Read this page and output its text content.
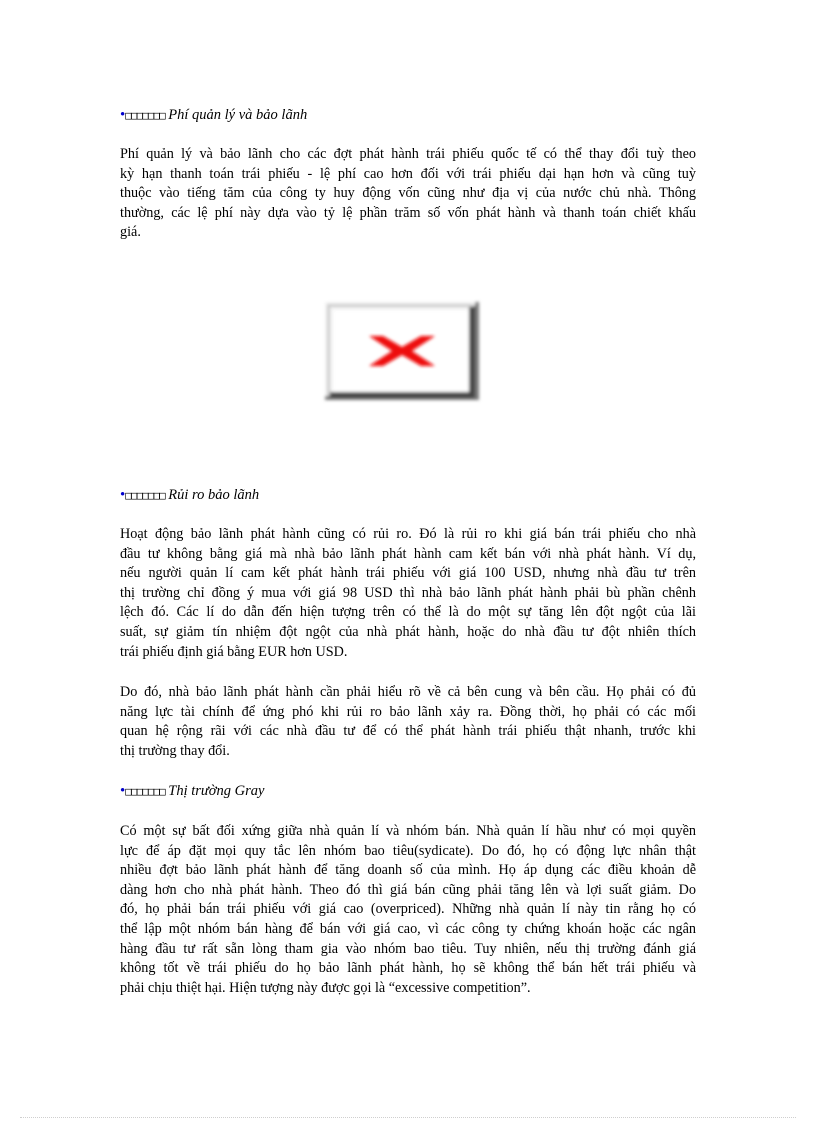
•□□□□□□□ Phí quản lý và bảo lãnh
Phí quản lý và bảo lãnh cho các đợt phát hành trái phiếu quốc tế có thể thay đổi tuỳ theo
kỳ hạn thanh toán trái phiếu - lệ phí cao hơn đối với trái phiếu dại hạn hơn và cũng tuỳ
thuộc vào tiếng tăm của công ty huy động vốn cũng như địa vị của nước chủ nhà. Thông
thường, các lệ phí này dựa vào tỷ lệ phần trăm số vốn phát hành và thanh toán chiết khấu
giá.
•□□□□□□□ Rủi ro bảo lãnh
Hoạt động bảo lãnh phát hành cũng có rủi ro. Đó là rủi ro khi giá bán trái phiếu cho nhà
đầu tư không bằng giá mà nhà bảo lãnh phát hành cam kết bán với nhà phát hành. Ví dụ,
nếu người quản lí cam kết phát hành trái phiếu với giá 100 USD, nhưng nhà đầu tư trên
thị trường chỉ đồng ý mua với giá 98 USD thì nhà bảo lãnh phát hành phải bù phần chênh
lệch đó. Các lí do dẫn đến hiện tượng trên có thể là do một sự tăng lên đột ngột của lãi
suất, sự giảm tín nhiệm đột ngột của nhà phát hành, hoặc do nhà đầu tư đột nhiên thích
trái phiếu định giá bằng EUR hơn USD.
Do đó, nhà bảo lãnh phát hành cần phải hiểu rõ về cả bên cung và bên cầu. Họ phải có đủ
năng lực tài chính để ứng phó khi rủi ro bảo lãnh xảy ra. Đồng thời, họ phải có các mối
quan hệ rộng rãi với các nhà đầu tư để có thể phát hành trái phiếu thật nhanh, trước khi
thị trường thay đổi.
•□□□□□□□ Thị trường Gray
Có một sự bất đối xứng giữa nhà quản lí và nhóm bán. Nhà quản lí hầu như có mọi quyền
lực để áp đặt mọi quy tắc lên nhóm bao tiêu(sydicate). Do đó, họ có động lực nhân thật
nhiều đợt bảo lãnh phát hành để tăng doanh số của mình. Họ áp dụng các điều khoản dễ
dàng hơn cho nhà phát hành. Theo đó thì giá bán cũng phải tăng lên và lợi suất giảm. Do
đó, họ phải bán trái phiếu với giá cao (overpriced). Những nhà quản lí này tin rằng họ có
thể lập một nhóm bán hàng để bán với giá cao, vì các công ty chứng khoán hoặc các ngân
hàng đầu tư rất sẵn lòng tham gia vào nhóm bao tiêu. Tuy nhiên, nếu thị trường đánh giá
không tốt về trái phiếu do họ bảo lãnh phát hành, họ sẽ không thể bán hết trái phiếu và
phải chịu thiệt hại. Hiện tượng này được gọi là “excessive competition”.
